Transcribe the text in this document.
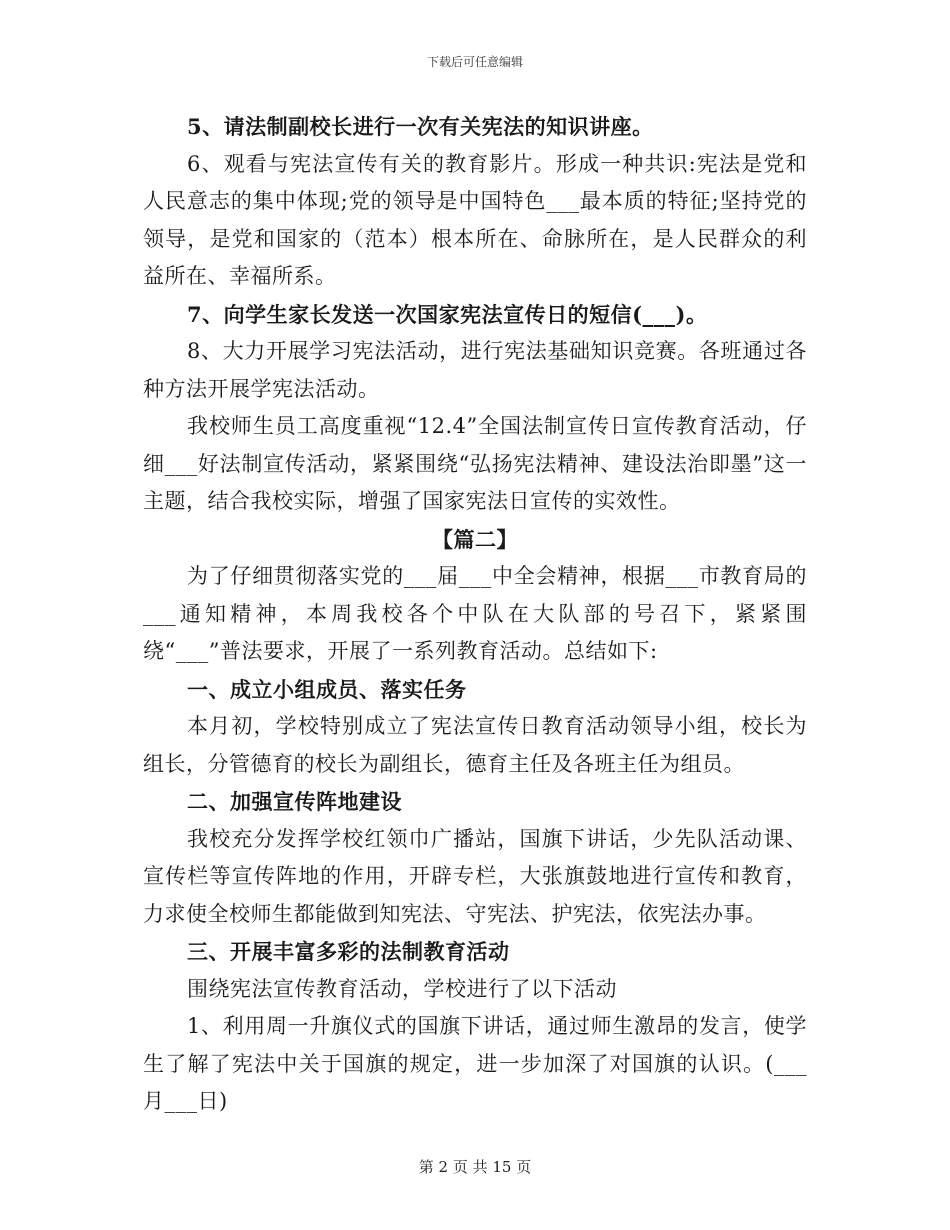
下载后可任意编辑

5、请法制副校长进行一次有关宪法的知识讲座。

6、观看与宪法宣传有关的教育影片。形成一种共识:宪法是党和人民意志的集中体现;党的领导是中国特色___最本质的特征;坚持党的领导，是党和国家的（范本）根本所在、命脉所在，是人民群众的利益所在、幸福所系。

7、向学生家长发送一次国家宪法宣传日的短信(___)。

8、大力开展学习宪法活动，进行宪法基础知识竞赛。各班通过各种方法开展学宪法活动。

我校师生员工高度重视“12.4”全国法制宣传日宣传教育活动，仔细___好法制宣传活动，紧紧围绕“弘扬宪法精神、建设法治即墨”这一主题，结合我校实际，增强了国家宪法日宣传的实效性。

【篇二】

为了仔细贯彻落实党的___届___中全会精神，根据___市教育局的___通知精神，本周我校各个中队在大队部的号召下，紧紧围绕“___”普法要求，开展了一系列教育活动。总结如下:

一、成立小组成员、落实任务

本月初，学校特别成立了宪法宣传日教育活动领导小组，校长为组长，分管德育的校长为副组长，德育主任及各班主任为组员。

二、加强宣传阵地建设

我校充分发挥学校红领巾广播站，国旗下讲话，少先队活动课、宣传栏等宣传阵地的作用，开辟专栏，大张旗鼓地进行宣传和教育，力求使全校师生都能做到知宪法、守宪法、护宪法，依宪法办事。

三、开展丰富多彩的法制教育活动

围绕宪法宣传教育活动，学校进行了以下活动

1、利用周一升旗仪式的国旗下讲话，通过师生激昂的发言，使学生了解了宪法中关于国旗的规定，进一步加深了对国旗的认识。(___月___日)

第 2 页 共 15 页
